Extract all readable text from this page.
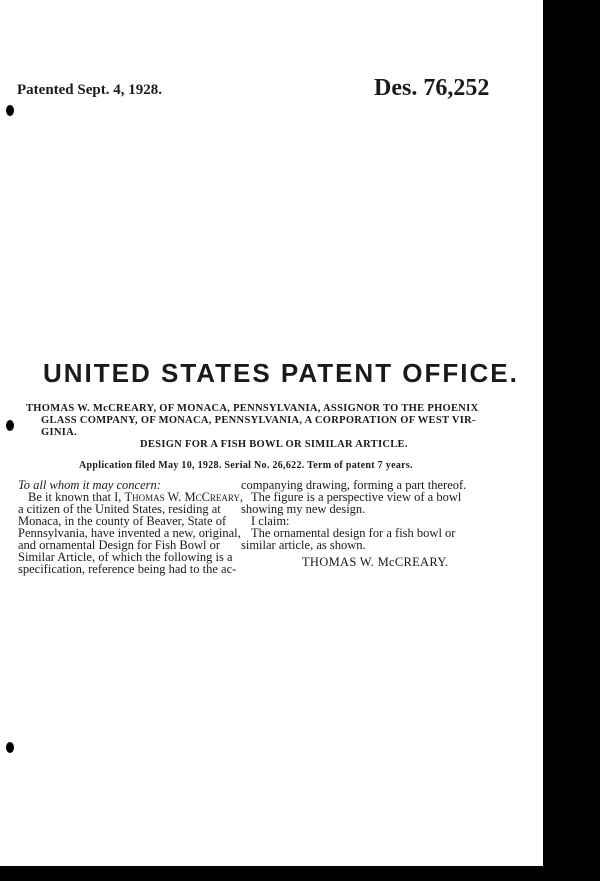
Patented Sept. 4, 1928.	Des. 76,252
UNITED STATES PATENT OFFICE.
THOMAS W. McCREARY, OF MONACA, PENNSYLVANIA, ASSIGNOR TO THE PHOENIX
GLASS COMPANY, OF MONACA, PENNSYLVANIA, A CORPORATION OF WEST VIR-
GINIA.
DESIGN FOR A FISH BOWL OR SIMILAR ARTICLE.
Application filed May 10, 1928. Serial No. 26,622. Term of patent 7 years.
To all whom it may concern:
Be it known that I, Thomas W. McCreary,
a citizen of the United States, residing at
Monaca, in the county of Beaver, State of
Pennsylvania, have invented a new, original,
and ornamental Design for Fish Bowl or
Similar Article, of which the following is a
specification, reference being had to the ac-
companying drawing, forming a part thereof.
The figure is a perspective view of a bowl
showing my new design.
I claim:
The ornamental design for a fish bowl or
similar article, as shown.
THOMAS W. McCREARY.
